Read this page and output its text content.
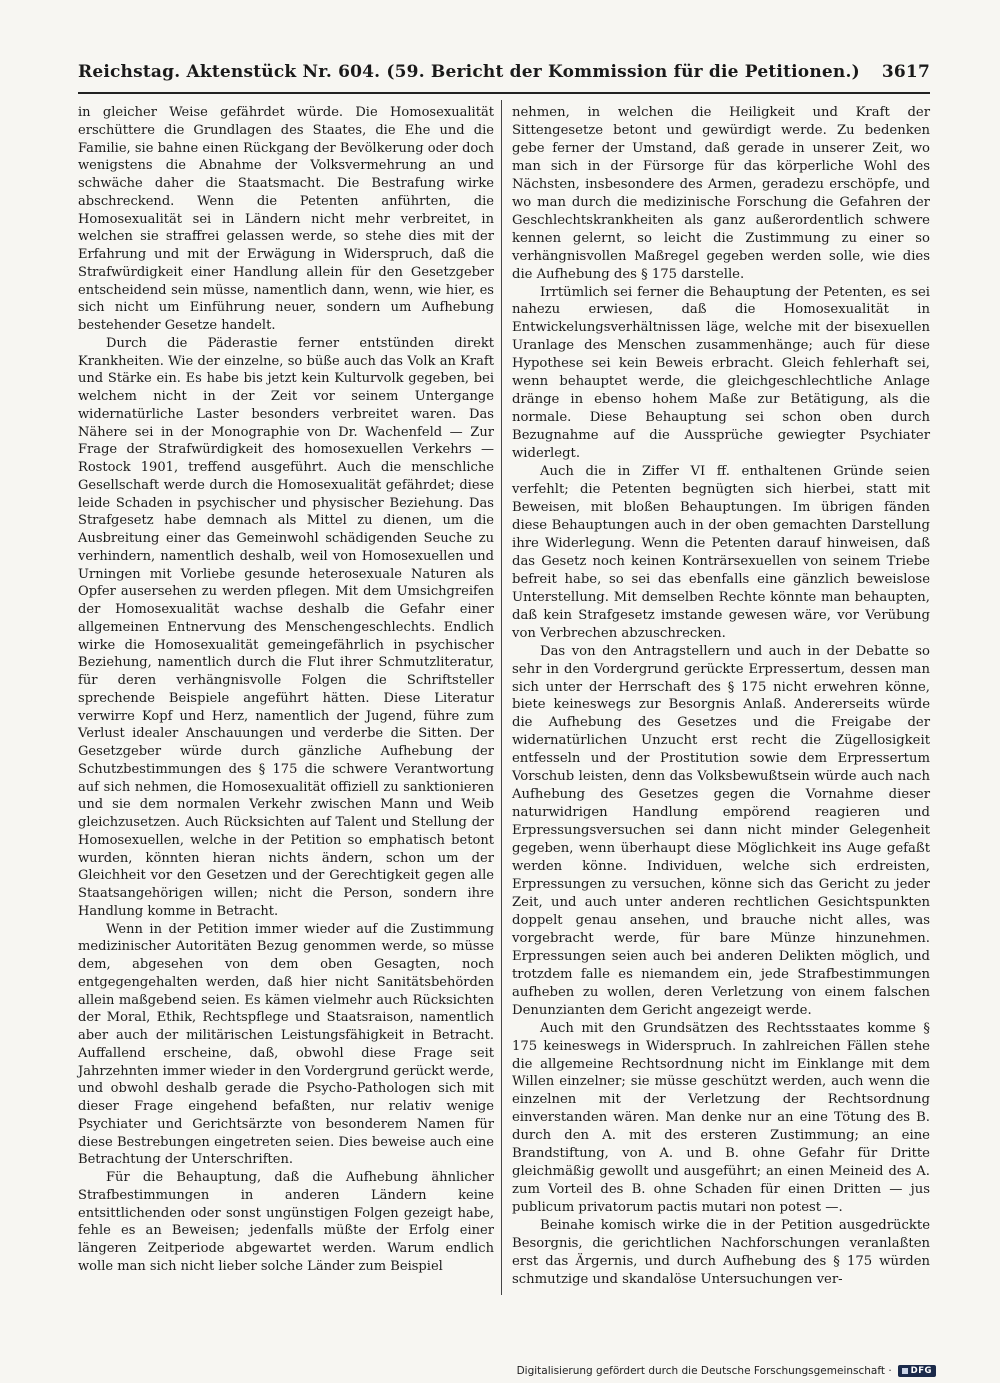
Reichstag. Aktenstück Nr. 604. (59. Bericht der Kommission für die Petitionen.)	3617

in gleicher Weise gefährdet würde. Die Homosexualität erschüttere die Grundlagen des Staates, die Ehe und die Familie, sie bahne einen Rückgang der Bevölkerung oder doch wenigstens die Abnahme der Volksvermehrung an und schwäche daher die Staatsmacht. Die Bestrafung wirke abschreckend. Wenn die Petenten anführten, die Homosexualität sei in Ländern nicht mehr verbreitet, in welchen sie straffrei gelassen werde, so stehe dies mit der Erfahrung und mit der Erwägung in Widerspruch, daß die Strafwürdigkeit einer Handlung allein für den Gesetzgeber entscheidend sein müsse, namentlich dann, wenn, wie hier, es sich nicht um Einführung neuer, sondern um Aufhebung bestehender Gesetze handelt.

Durch die Päderastie ferner entstünden direkt Krankheiten. Wie der einzelne, so büße auch das Volk an Kraft und Stärke ein. Es habe bis jetzt kein Kulturvolk gegeben, bei welchem nicht in der Zeit vor seinem Untergange widernatürliche Laster besonders verbreitet waren. Das Nähere sei in der Monographie von Dr. Wachenfeld — Zur Frage der Strafwürdigkeit des homosexuellen Verkehrs — Rostock 1901, treffend ausgeführt. Auch die menschliche Gesellschaft werde durch die Homosexualität gefährdet; diese leide Schaden in psychischer und physischer Beziehung. Das Strafgesetz habe demnach als Mittel zu dienen, um die Ausbreitung einer das Gemeinwohl schädigenden Seuche zu verhindern, namentlich deshalb, weil von Homosexuellen und Urningen mit Vorliebe gesunde heterosexuale Naturen als Opfer ausersehen zu werden pflegen. Mit dem Umsichgreifen der Homosexualität wachse deshalb die Gefahr einer allgemeinen Entnervung des Menschengeschlechts. Endlich wirke die Homosexualität gemeingefährlich in psychischer Beziehung, namentlich durch die Flut ihrer Schmutzliteratur, für deren verhängnisvolle Folgen die Schriftsteller sprechende Beispiele angeführt hätten. Diese Literatur verwirre Kopf und Herz, namentlich der Jugend, führe zum Verlust idealer Anschauungen und verderbe die Sitten. Der Gesetzgeber würde durch gänzliche Aufhebung der Schutzbestimmungen des § 175 die schwere Verantwortung auf sich nehmen, die Homosexualität offiziell zu sanktionieren und sie dem normalen Verkehr zwischen Mann und Weib gleichzusetzen. Auch Rücksichten auf Talent und Stellung der Homosexuellen, welche in der Petition so emphatisch betont wurden, könnten hieran nichts ändern, schon um der Gleichheit vor den Gesetzen und der Gerechtigkeit gegen alle Staatsangehörigen willen; nicht die Person, sondern ihre Handlung komme in Betracht.

Wenn in der Petition immer wieder auf die Zustimmung medizinischer Autoritäten Bezug genommen werde, so müsse dem, abgesehen von dem oben Gesagten, noch entgegengehalten werden, daß hier nicht Sanitätsbehörden allein maßgebend seien. Es kämen vielmehr auch Rücksichten der Moral, Ethik, Rechtspflege und Staatsraison, namentlich aber auch der militärischen Leistungsfähigkeit in Betracht. Auffallend erscheine, daß, obwohl diese Frage seit Jahrzehnten immer wieder in den Vordergrund gerückt werde, und obwohl deshalb gerade die Psycho-Pathologen sich mit dieser Frage eingehend befaßten, nur relativ wenige Psychiater und Gerichtsärzte von besonderem Namen für diese Bestrebungen eingetreten seien. Dies beweise auch eine Betrachtung der Unterschriften.

Für die Behauptung, daß die Aufhebung ähnlicher Strafbestimmungen in anderen Ländern keine entsittlichenden oder sonst ungünstigen Folgen gezeigt habe, fehle es an Beweisen; jedenfalls müßte der Erfolg einer längeren Zeitperiode abgewartet werden. Warum endlich wolle man sich nicht lieber solche Länder zum Beispiel

nehmen, in welchen die Heiligkeit und Kraft der Sittengesetze betont und gewürdigt werde. Zu bedenken gebe ferner der Umstand, daß gerade in unserer Zeit, wo man sich in der Fürsorge für das körperliche Wohl des Nächsten, insbesondere des Armen, geradezu erschöpfe, und wo man durch die medizinische Forschung die Gefahren der Geschlechtskrankheiten als ganz außerordentlich schwere kennen gelernt, so leicht die Zustimmung zu einer so verhängnisvollen Maßregel gegeben werden solle, wie dies die Aufhebung des § 175 darstelle.

Irrtümlich sei ferner die Behauptung der Petenten, es sei nahezu erwiesen, daß die Homosexualität in Entwickelungsverhältnissen läge, welche mit der bisexuellen Uranlage des Menschen zusammenhänge; auch für diese Hypothese sei kein Beweis erbracht. Gleich fehlerhaft sei, wenn behauptet werde, die gleichgeschlechtliche Anlage dränge in ebenso hohem Maße zur Betätigung, als die normale. Diese Behauptung sei schon oben durch Bezugnahme auf die Aussprüche gewiegter Psychiater widerlegt.

Auch die in Ziffer VI ff. enthaltenen Gründe seien verfehlt; die Petenten begnügten sich hierbei, statt mit Beweisen, mit bloßen Behauptungen. Im übrigen fänden diese Behauptungen auch in der oben gemachten Darstellung ihre Widerlegung. Wenn die Petenten darauf hinweisen, daß das Gesetz noch keinen Konträrsexuellen von seinem Triebe befreit habe, so sei das ebenfalls eine gänzlich beweislose Unterstellung. Mit demselben Rechte könnte man behaupten, daß kein Strafgesetz imstande gewesen wäre, vor Verübung von Verbrechen abzuschrecken.

Das von den Antragstellern und auch in der Debatte so sehr in den Vordergrund gerückte Erpressertum, dessen man sich unter der Herrschaft des § 175 nicht erwehren könne, biete keineswegs zur Besorgnis Anlaß. Andererseits würde die Aufhebung des Gesetzes und die Freigabe der widernatürlichen Unzucht erst recht die Zügellosigkeit entfesseln und der Prostitution sowie dem Erpressertum Vorschub leisten, denn das Volksbewußtsein würde auch nach Aufhebung des Gesetzes gegen die Vornahme dieser naturwidrigen Handlung empörend reagieren und Erpressungsversuchen sei dann nicht minder Gelegenheit gegeben, wenn überhaupt diese Möglichkeit ins Auge gefaßt werden könne. Individuen, welche sich erdreisten, Erpressungen zu versuchen, könne sich das Gericht zu jeder Zeit, und auch unter anderen rechtlichen Gesichtspunkten doppelt genau ansehen, und brauche nicht alles, was vorgebracht werde, für bare Münze hinzunehmen. Erpressungen seien auch bei anderen Delikten möglich, und trotzdem falle es niemandem ein, jede Strafbestimmungen aufheben zu wollen, deren Verletzung von einem falschen Denunzianten dem Gericht angezeigt werde.

Auch mit den Grundsätzen des Rechtsstaates komme § 175 keineswegs in Widerspruch. In zahlreichen Fällen stehe die allgemeine Rechtsordnung nicht im Einklange mit dem Willen einzelner; sie müsse geschützt werden, auch wenn die einzelnen mit der Verletzung der Rechtsordnung einverstanden wären. Man denke nur an eine Tötung des B. durch den A. mit des ersteren Zustimmung; an eine Brandstiftung, von A. und B. ohne Gefahr für Dritte gleichmäßig gewollt und ausgeführt; an einen Meineid des A. zum Vorteil des B. ohne Schaden für einen Dritten — jus publicum privatorum pactis mutari non potest —.

Beinahe komisch wirke die in der Petition ausgedrückte Besorgnis, die gerichtlichen Nachforschungen veranlaßten erst das Ärgernis, und durch Aufhebung des § 175 würden schmutzige und skandalöse Untersuchungen ver-

Digitalisierung gefördert durch die Deutsche Forschungsgemeinschaft · DFG
